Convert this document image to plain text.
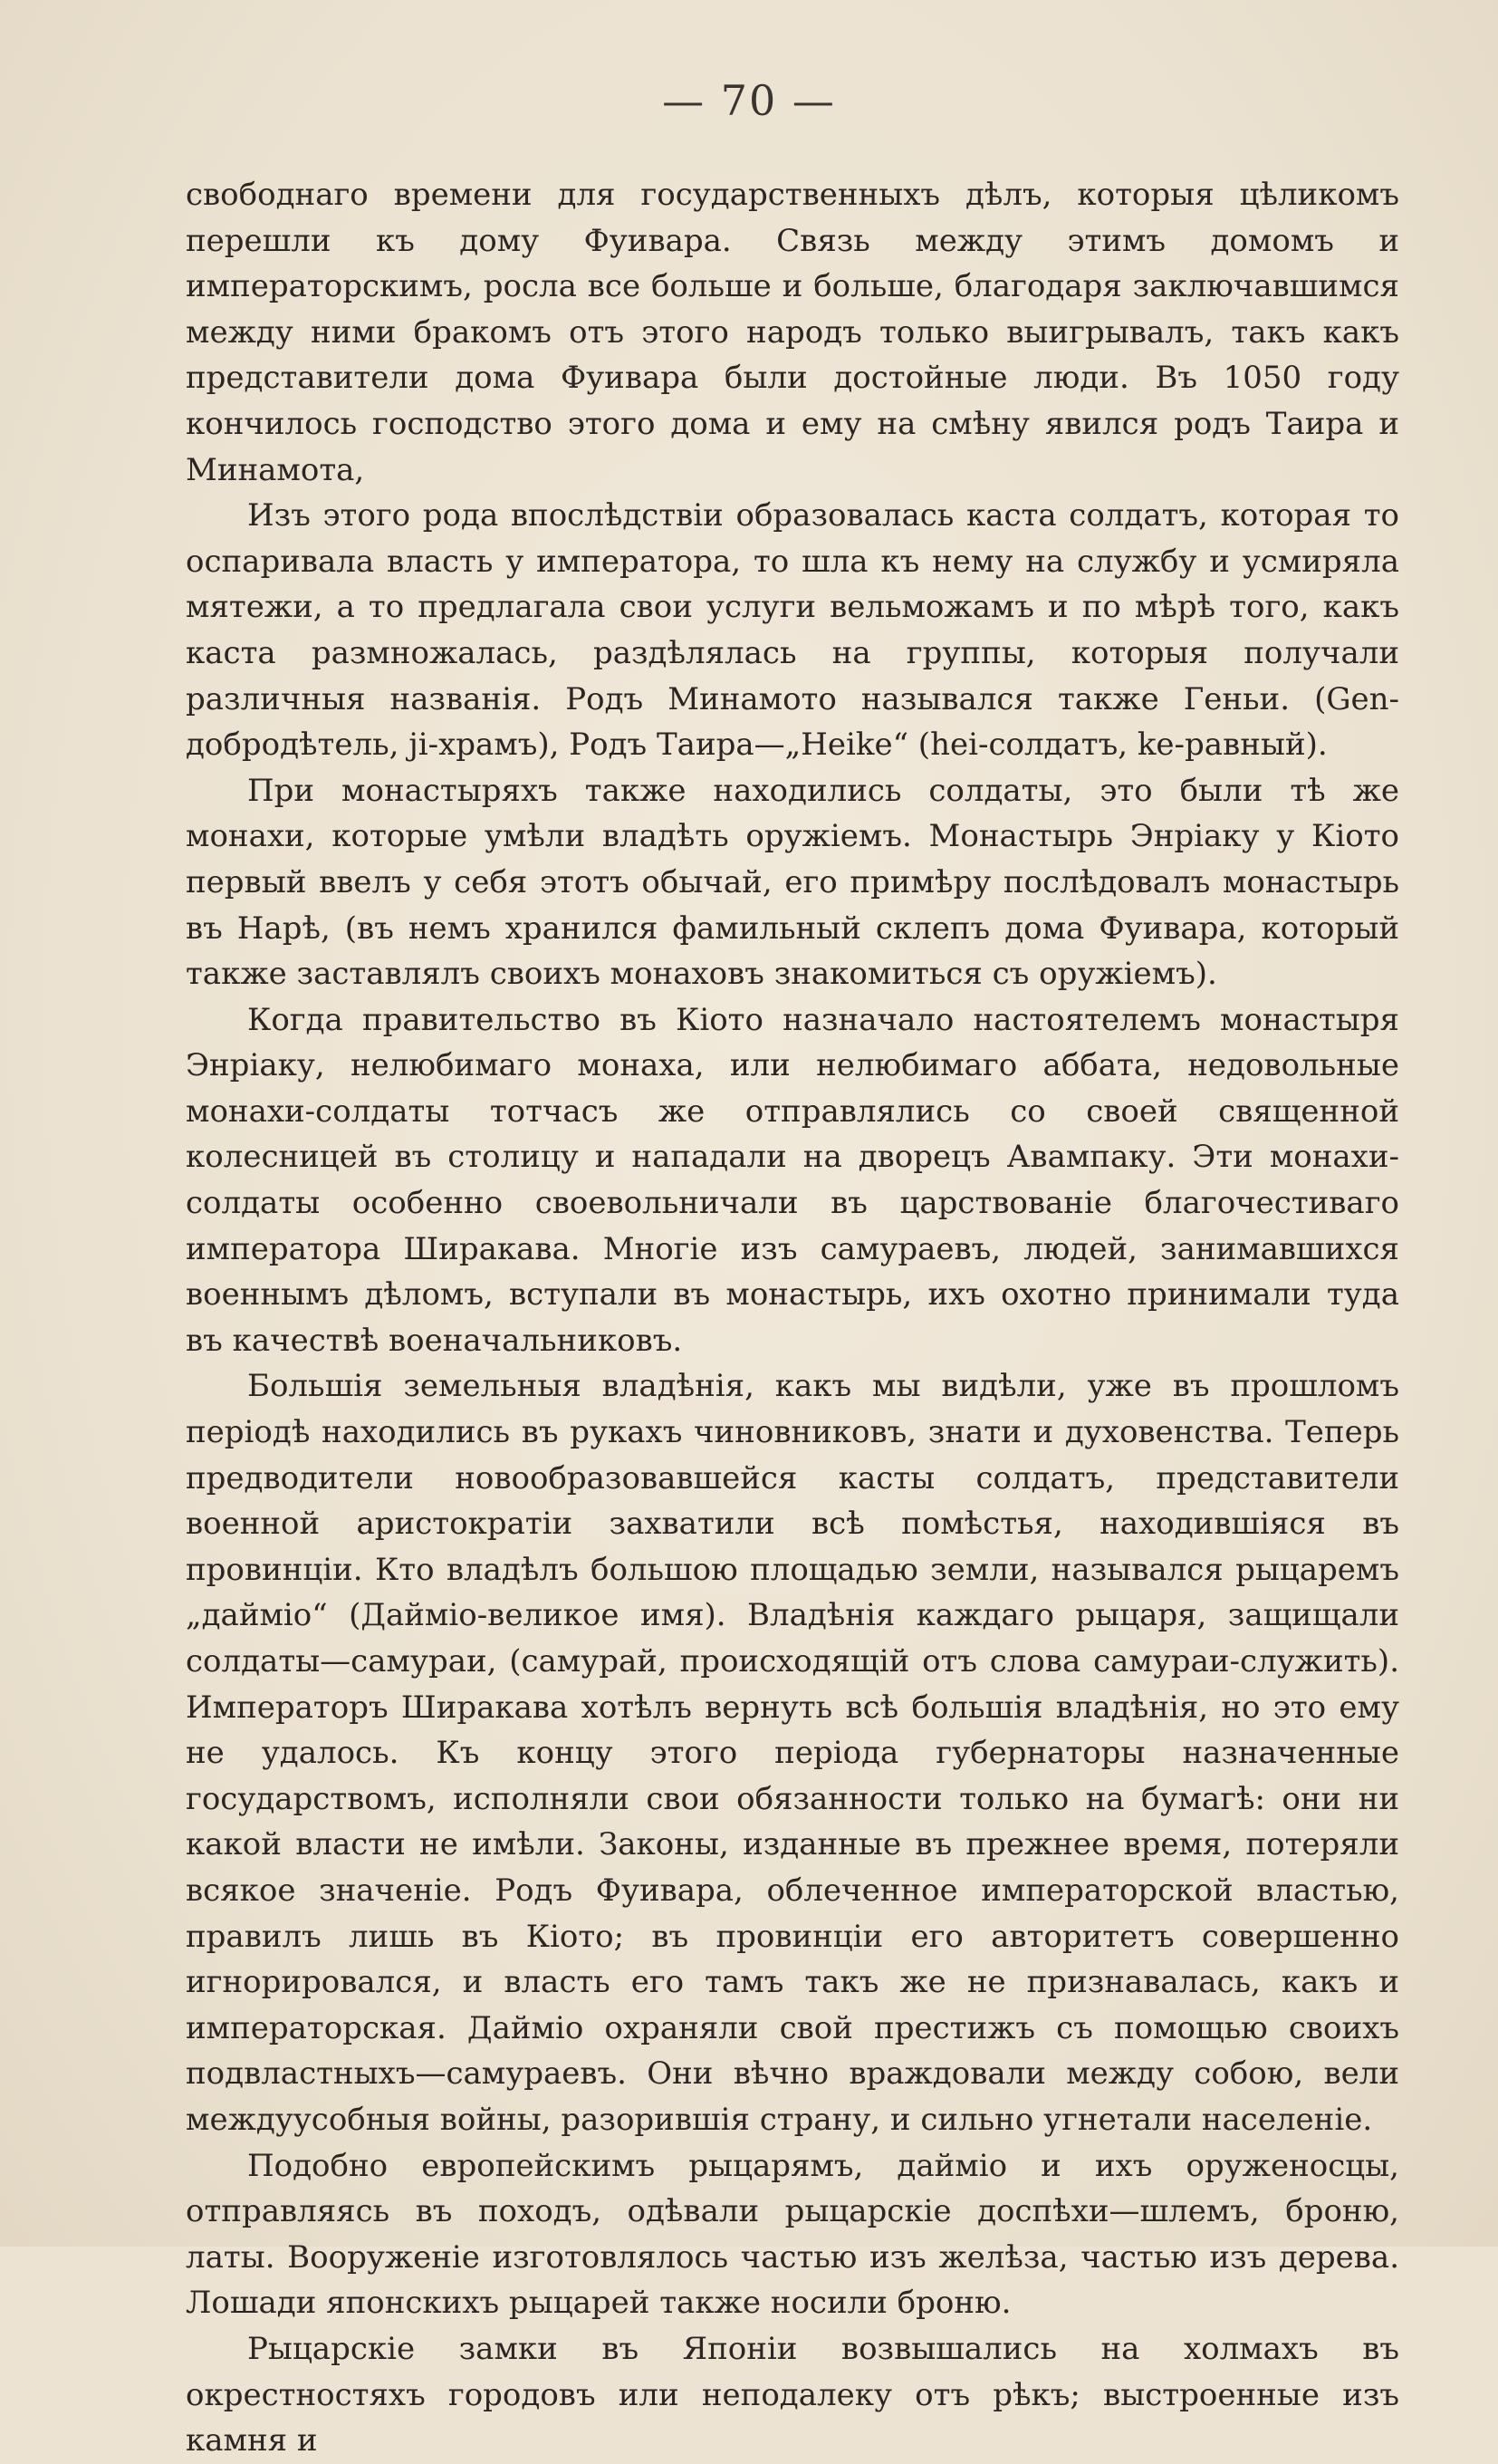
— 70 —

свободнаго времени для государственныхъ дѣлъ, которыя цѣликомъ перешли къ дому Фуивара. Связь между этимъ домомъ и императорскимъ, росла все больше и больше, благодаря заключавшимся между ними бракомъ отъ этого народъ только выигрывалъ, такъ какъ представители дома Фуивара были достойные люди. Въ 1050 году кончилось господство этого дома и ему на смѣну явился родъ Таира и Минамота,

Изъ этого рода впослѣдствіи образовалась каста солдатъ, которая то оспаривала власть у императора, то шла къ нему на службу и усмиряла мятежи, а то предлагала свои услуги вельможамъ и по мѣрѣ того, какъ каста размножалась, раздѣлялась на группы, которыя получали различныя названія. Родъ Минамото назывался также Геньи. (Gen-добродѣтель, ji-храмъ), Родъ Таира—„Heike“ (hei-солдатъ, ke-равный).

При монастыряхъ также находились солдаты, это были тѣ же монахи, которые умѣли владѣть оружіемъ. Монастырь Энріаку у Кіото первый ввелъ у себя этотъ обычай, его примѣру послѣдовалъ монастырь въ Нарѣ, (въ немъ хранился фамильный склепъ дома Фуивара, который также заставлялъ своихъ монаховъ знакомиться съ оружіемъ).

Когда правительство въ Кіото назначало настоятелемъ монастыря Энріаку, нелюбимаго монаха, или нелюбимаго аббата, недовольные монахи-солдаты тотчасъ же отправлялись со своей священной колесницей въ столицу и нападали на дворецъ Авампаку. Эти монахи-солдаты особенно своевольничали въ царствованіе благочестиваго императора Ширакава. Многіе изъ самураевъ, людей, занимавшихся военнымъ дѣломъ, вступали въ монастырь, ихъ охотно принимали туда въ качествѣ военачальниковъ.

Большія земельныя владѣнія, какъ мы видѣли, уже въ прошломъ періодѣ находились въ рукахъ чиновниковъ, знати и духовенства. Теперь предводители новообразовавшейся касты солдатъ, представители военной аристократіи захватили всѣ помѣстья, находившіяся въ провинціи. Кто владѣлъ большою площадью земли, назывался рыцаремъ „дайміо“ (Даймiо-великое имя). Владѣнія каждаго рыцаря, защищали солдаты—самураи, (самурай, происходящій отъ слова самураи-служить). Императоръ Ширакава хотѣлъ вернуть всѣ большія владѣнія, но это ему не удалось. Къ концу этого періода губернаторы назначенные государствомъ, исполняли свои обязанности только на бумагѣ: они ни какой власти не имѣли. Законы, изданные въ прежнее время, потеряли всякое значеніе. Родъ Фуивара, облеченное императорской властью, правилъ лишь въ Кіото; въ провинціи его авторитетъ совершенно игнорировался, и власть его тамъ такъ же не признавалась, какъ и императорская. Даймiо охраняли свой престижъ съ помощью своихъ подвластныхъ—самураевъ. Они вѣчно враждовали между собою, вели междуусобныя войны, разорившія страну, и сильно угнетали населеніе.

Подобно европейскимъ рыцарямъ, даймiо и ихъ оруженосцы, отправляясь въ походъ, одѣвали рыцарскіе доспѣхи—шлемъ, броню, латы. Вооруженіе изготовлялось частью изъ желѣза, частью изъ дерева. Лошади японскихъ рыцарей также носили броню.

Рыцарскіе замки въ Японіи возвышались на холмахъ въ окрестностяхъ городовъ или неподалеку отъ рѣкъ; выстроенные изъ камня и
